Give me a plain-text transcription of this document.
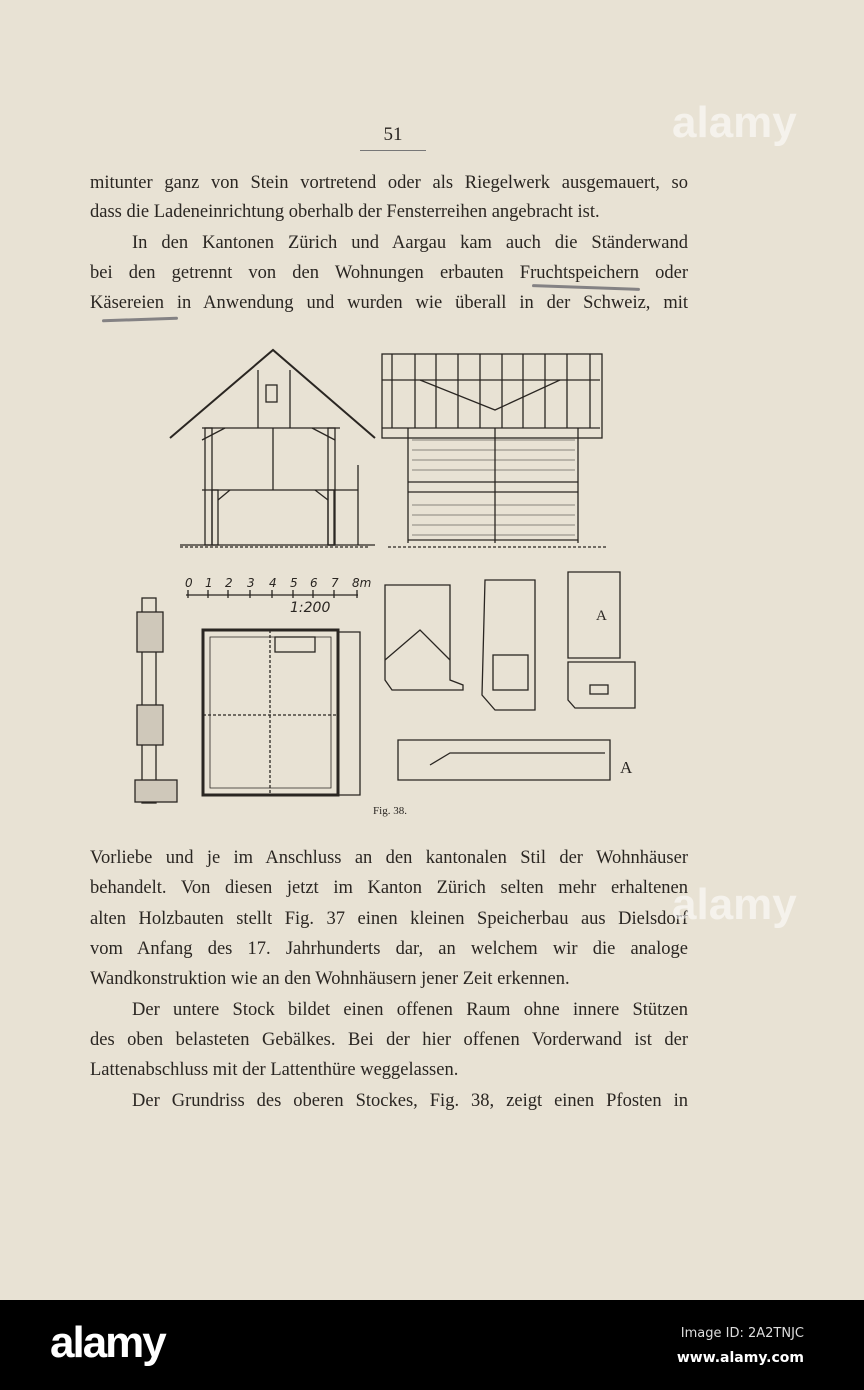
51
mitunter ganz von Stein vortretend oder als Riegelwerk ausgemauert, so
dass die Ladeneinrichtung oberhalb der Fensterreihen angebracht ist.
In den Kantonen Zürich und Aargau kam auch die Ständerwand
bei den getrennt von den Wohnungen erbauten Fruchtspeichern oder
Käsereien in Anwendung und wurden wie überall in der Schweiz, mit
A
A
0 1 2 3 4 5 6 7 8m
1:200
Fig. 38.
Vorliebe und je im Anschluss an den kantonalen Stil der Wohnhäuser
behandelt. Von diesen jetzt im Kanton Zürich selten mehr erhaltenen
alten Holzbauten stellt Fig. 37 einen kleinen Speicherbau aus Dielsdorf
vom Anfang des 17. Jahrhunderts dar, an welchem wir die analoge
Wandkonstruktion wie an den Wohnhäusern jener Zeit erkennen.
Der untere Stock bildet einen offenen Raum ohne innere Stützen
des oben belasteten Gebälkes. Bei der hier offenen Vorderwand ist der
Lattenabschluss mit der Lattenthüre weggelassen.
Der Grundriss des oberen Stockes, Fig. 38, zeigt einen Pfosten in
alamy
alamy
alamy	Image ID: 2A2TNJC
www.alamy.com
